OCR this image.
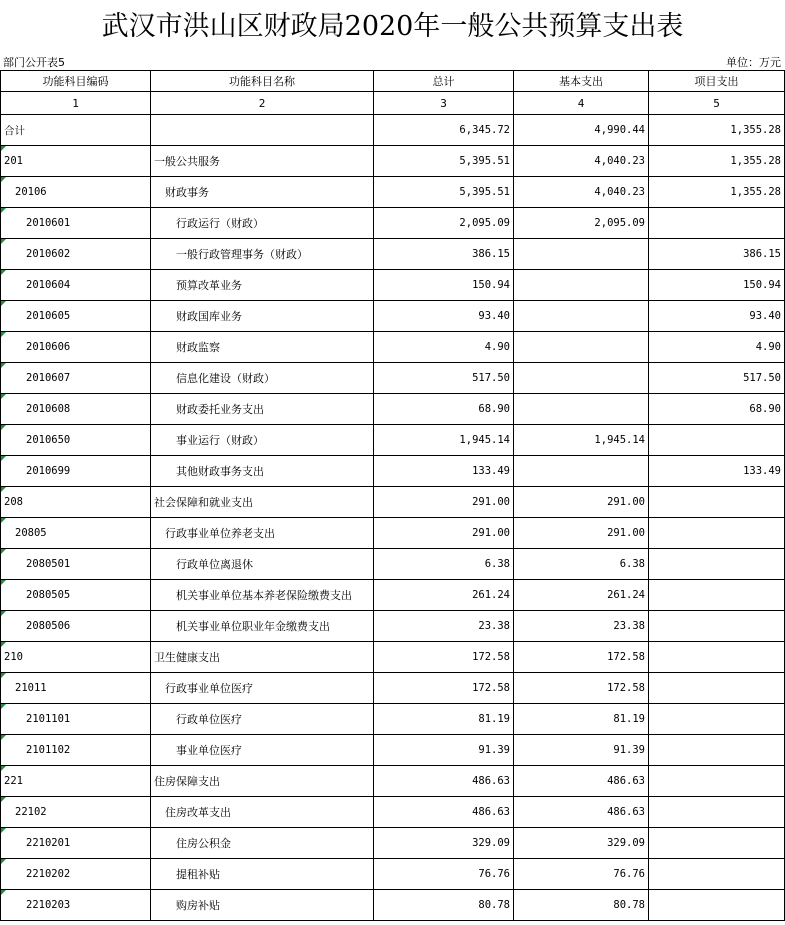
武汉市洪山区财政局2020年一般公共预算支出表
部门公开表5	单位：万元
功能科目编码	功能科目名称	总计	基本支出	项目支出
1	2	3	4	5
合计		6,345.72	4,990.44	1,355.28
201	一般公共服务	5,395.51	4,040.23	1,355.28
20106	财政事务	5,395.51	4,040.23	1,355.28
2010601	行政运行（财政）	2,095.09	2,095.09	
2010602	一般行政管理事务（财政）	386.15		386.15
2010604	预算改革业务	150.94		150.94
2010605	财政国库业务	93.40		93.40
2010606	财政监察	4.90		4.90
2010607	信息化建设（财政）	517.50		517.50
2010608	财政委托业务支出	68.90		68.90
2010650	事业运行（财政）	1,945.14	1,945.14	
2010699	其他财政事务支出	133.49		133.49
208	社会保障和就业支出	291.00	291.00	
20805	行政事业单位养老支出	291.00	291.00	
2080501	行政单位离退休	6.38	6.38	
2080505	机关事业单位基本养老保险缴费支出	261.24	261.24	
2080506	机关事业单位职业年金缴费支出	23.38	23.38	
210	卫生健康支出	172.58	172.58	
21011	行政事业单位医疗	172.58	172.58	
2101101	行政单位医疗	81.19	81.19	
2101102	事业单位医疗	91.39	91.39	
221	住房保障支出	486.63	486.63	
22102	住房改革支出	486.63	486.63	
2210201	住房公积金	329.09	329.09	
2210202	提租补贴	76.76	76.76	
2210203	购房补贴	80.78	80.78	
